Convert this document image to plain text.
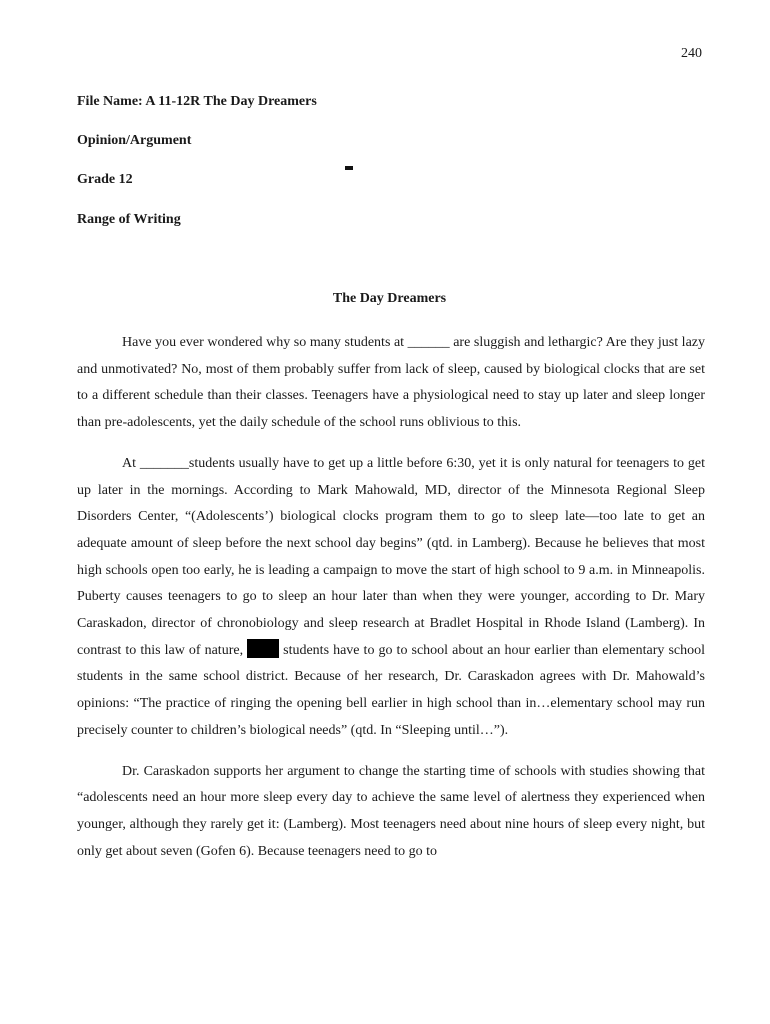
240
File Name: A 11-12R The Day Dreamers
Opinion/Argument
Grade 12
Range of Writing
The Day Dreamers

Have you ever wondered why so many students at ______ are sluggish and lethargic? Are they just lazy and unmotivated? No, most of them probably suffer from lack of sleep, caused by biological clocks that are set to a different schedule than their classes. Teenagers have a physiological need to stay up later and sleep longer than pre-adolescents, yet the daily schedule of the school runs oblivious to this.

At _______students usually have to get up a little before 6:30, yet it is only natural for teenagers to get up later in the mornings. According to Mark Mahowald, MD, director of the Minnesota Regional Sleep Disorders Center, “(Adolescents’) biological clocks program them to go to sleep late—too late to get an adequate amount of sleep before the next school day begins” (qtd. in Lamberg). Because he believes that most high schools open too early, he is leading a campaign to move the start of high school to 9 a.m. in Minneapolis. Puberty causes teenagers to go to sleep an hour later than when they were younger, according to Dr. Mary Caraskadon, director of chronobiology and sleep research at Bradlet Hospital in Rhode Island (Lamberg). In contrast to this law of nature,	students have to go to school about an hour earlier than elementary school students in the same school district. Because of her research, Dr. Caraskadon agrees with Dr. Mahowald’s opinions: “The practice of ringing the opening bell earlier in high school than in…elementary school may run precisely counter to children’s biological needs” (qtd. In “Sleeping until…”).

Dr. Caraskadon supports her argument to change the starting time of schools with studies showing that “adolescents need an hour more sleep every day to achieve the same level of alertness they experienced when younger, although they rarely get it: (Lamberg). Most teenagers need about nine hours of sleep every night, but only get about seven (Gofen 6). Because teenagers need to go to
